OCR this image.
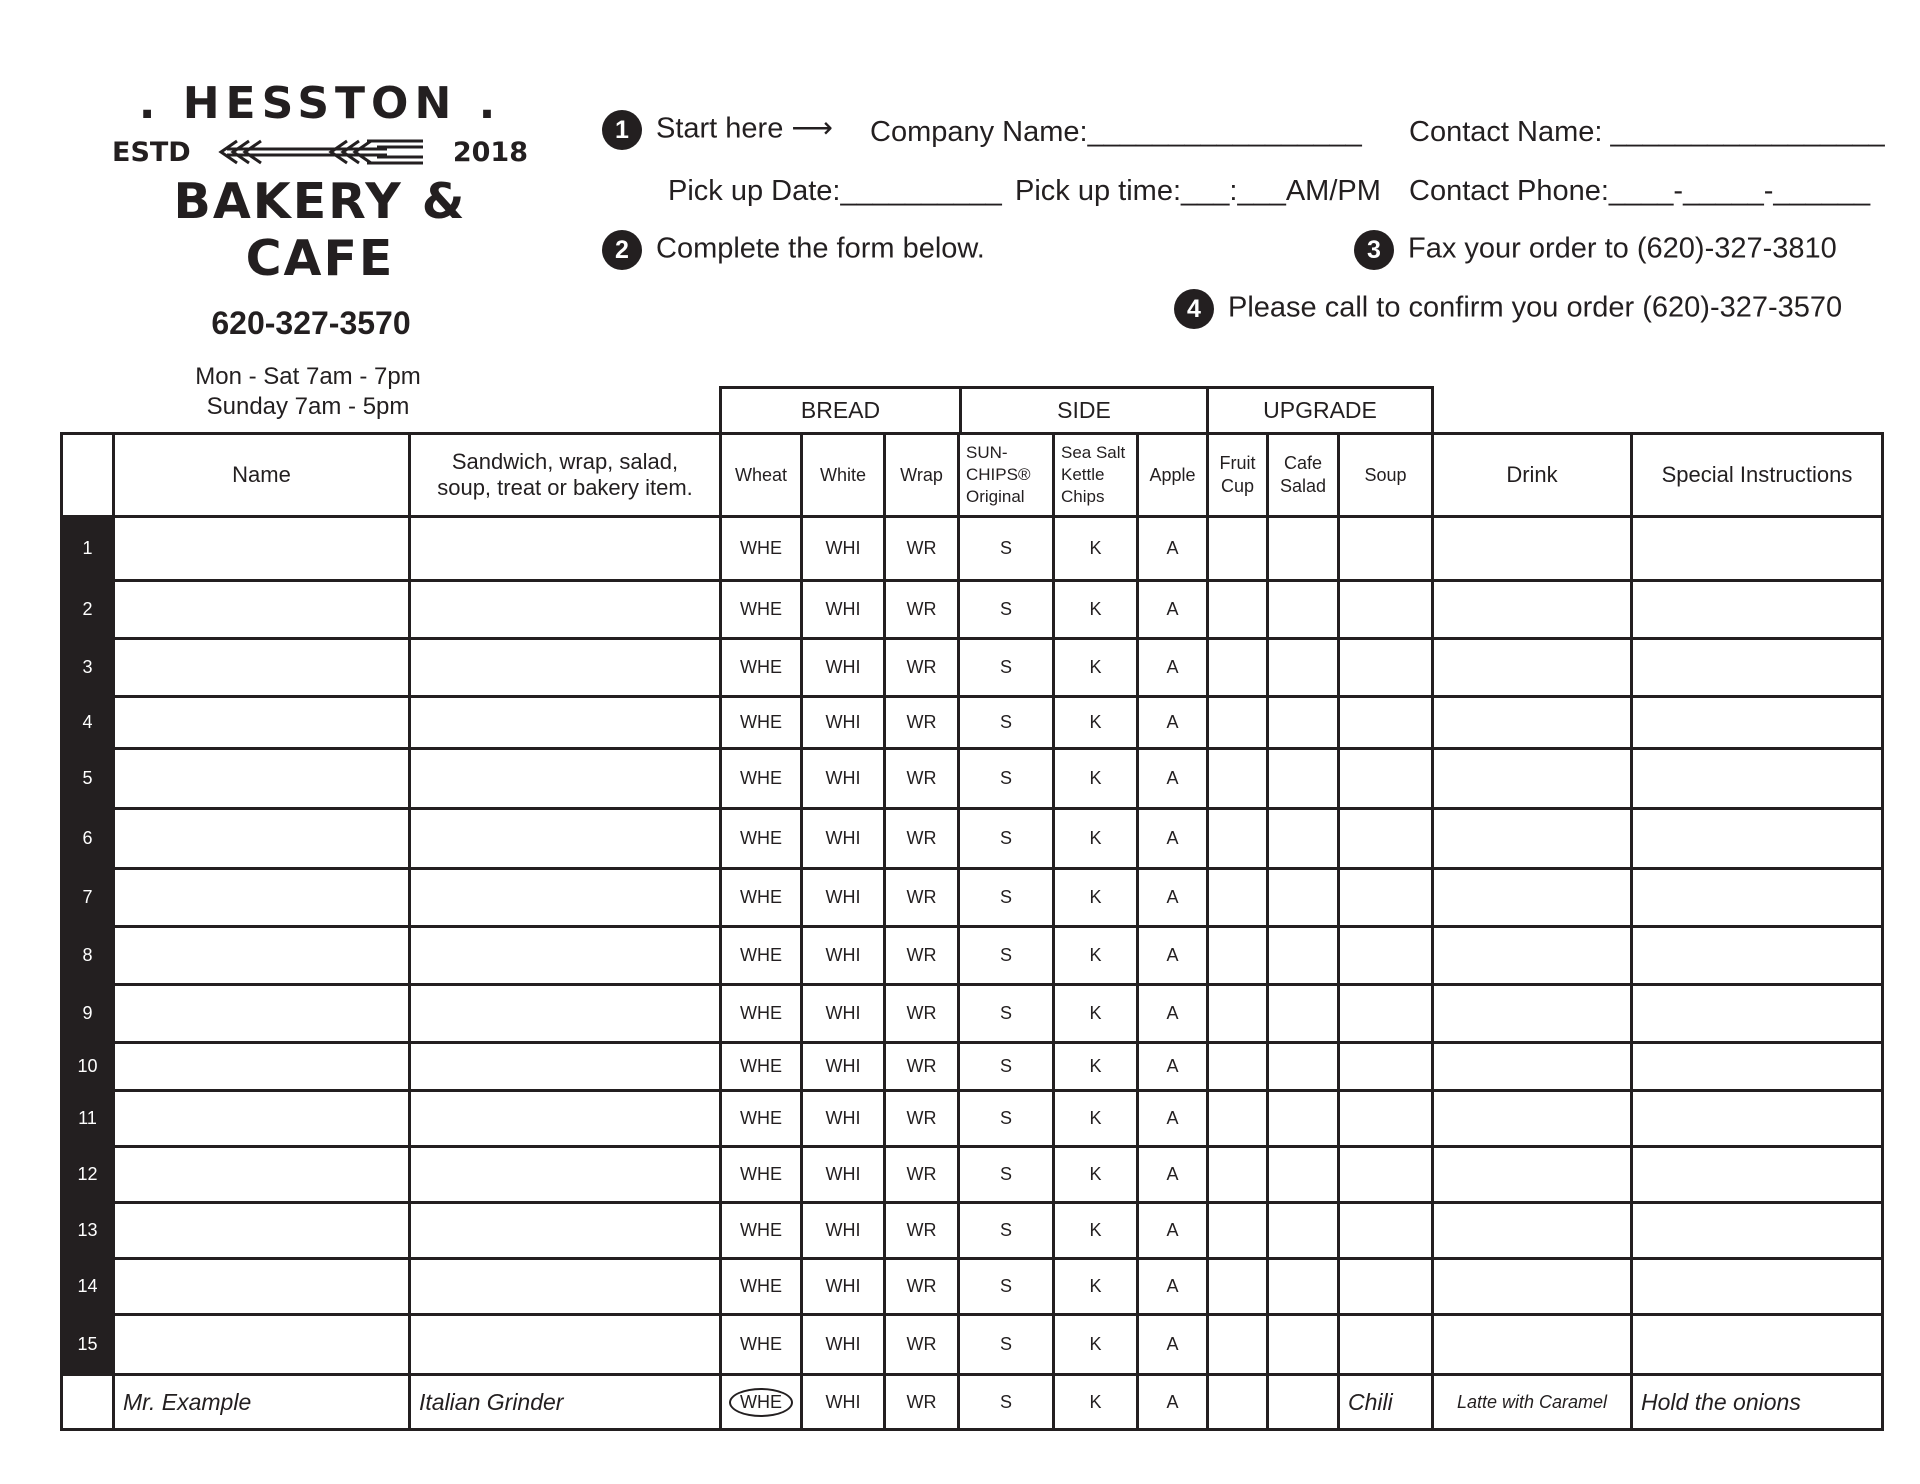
. HESSTON .
ESTD	2018
BAKERY & CAFE
620-327-3570
Mon - Sat 7am - 7pm
Sunday 7am - 5pm
1 Start here ⟶ Company Name:_________________ Contact Name: _________________
Pick up Date:__________ Pick up time:___:___AM/PM Contact Phone:____-_____-______
2 Complete the form below.	3 Fax your order to (620)-327-3810
4 Please call to confirm you order (620)-327-3570
BREAD	SIDE	UPGRADE
	Name	Sandwich, wrap, salad,
soup, treat or bakery item.	Wheat	White	Wrap	SUN-
CHIPS®
Original	Sea Salt
Kettle
Chips	Apple	Fruit
Cup	Cafe
Salad	Soup	Drink	Special Instructions
1			WHE	WHI	WR	S	K	A					
2			WHE	WHI	WR	S	K	A					
3			WHE	WHI	WR	S	K	A					
4			WHE	WHI	WR	S	K	A					
5			WHE	WHI	WR	S	K	A					
6			WHE	WHI	WR	S	K	A					
7			WHE	WHI	WR	S	K	A					
8			WHE	WHI	WR	S	K	A					
9			WHE	WHI	WR	S	K	A					
10			WHE	WHI	WR	S	K	A					
11			WHE	WHI	WR	S	K	A					
12			WHE	WHI	WR	S	K	A					
13			WHE	WHI	WR	S	K	A					
14			WHE	WHI	WR	S	K	A					
15			WHE	WHI	WR	S	K	A					
	Mr. Example	Italian Grinder	WHE	WHI	WR	S	K	A			Chili	Latte with Caramel	Hold the onions
